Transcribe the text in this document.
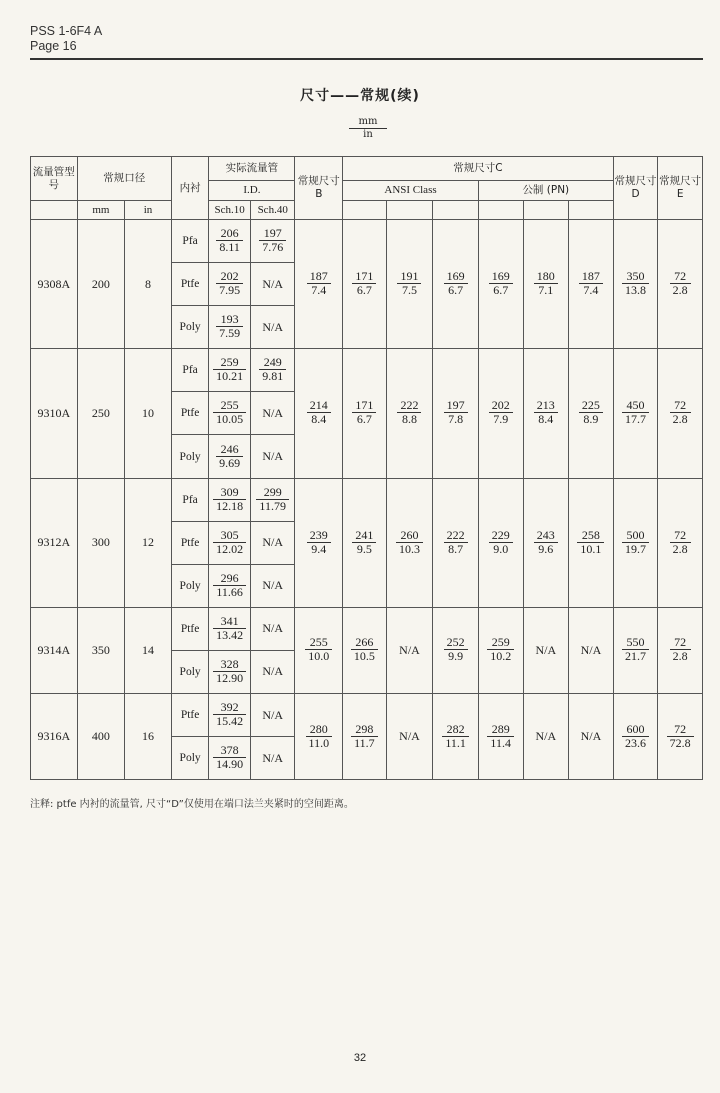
PSS 1-6F4 A
Page 16
尺寸——常规(续)
$\frac{mm}{in}$
流量管型号	常规口径		内衬	实际流量管		常规尺寸B	常规尺寸C						常规尺寸D	常规尺寸E
				I.D.			ANSI Class			公制 (PN)				
	mm	in		Sch.10	Sch.40									
9308A	200	8	Pfa	$\frac{206}{8.11}$	$\frac{197}{7.76}$	$\frac{187}{7.4}$	$\frac{171}{6.7}$	$\frac{191}{7.5}$	$\frac{169}{6.7}$	$\frac{169}{6.7}$	$\frac{180}{7.1}$	$\frac{187}{7.4}$	$\frac{350}{13.8}$	$\frac{72}{2.8}$

			Ptfe	$\frac{202}{7.95}$	N/A									
			Poly	$\frac{193}{7.59}$	N/A									
9310A	250	10	Pfa	$\frac{259}{10.21}$	$\frac{249}{9.81}$	$\frac{214}{8.4}$	$\frac{171}{6.7}$	$\frac{222}{8.8}$	$\frac{197}{7.8}$	$\frac{202}{7.9}$	$\frac{213}{8.4}$	$\frac{225}{8.9}$	$\frac{450}{17.7}$	$\frac{72}{2.8}$

			Ptfe	$\frac{255}{10.05}$	N/A									
			Poly	$\frac{246}{9.69}$	N/A									
9312A	300	12	Pfa	$\frac{309}{12.18}$	$\frac{299}{11.79}$	$\frac{239}{9.4}$	$\frac{241}{9.5}$	$\frac{260}{10.3}$	$\frac{222}{8.7}$	$\frac{229}{9.0}$	$\frac{243}{9.6}$	$\frac{258}{10.1}$	$\frac{500}{19.7}$	$\frac{72}{2.8}$

			Ptfe	$\frac{305}{12.02}$	N/A									
			Poly	$\frac{296}{11.66}$	N/A									
9314A	350	14	Ptfe	$\frac{341}{13.42}$	N/A	$\frac{255}{10.0}$	$\frac{266}{10.5}$	N/A	$\frac{252}{9.9}$	$\frac{259}{10.2}$	N/A	N/A	$\frac{550}{21.7}$	$\frac{72}{2.8}$

			Poly	$\frac{328}{12.90}$	N/A									
9316A	400	16	Ptfe	$\frac{392}{15.42}$	N/A	$\frac{280}{11.0}$	$\frac{298}{11.7}$	N/A	$\frac{282}{11.1}$	$\frac{289}{11.4}$	N/A	N/A	$\frac{600}{23.6}$	$\frac{72}{72.8}$

			Poly	$\frac{378}{14.90}$	N/A									
注释: ptfe 内衬的流量管, 尺寸“D”仅使用在端口法兰夹紧时的空间距离。
32
